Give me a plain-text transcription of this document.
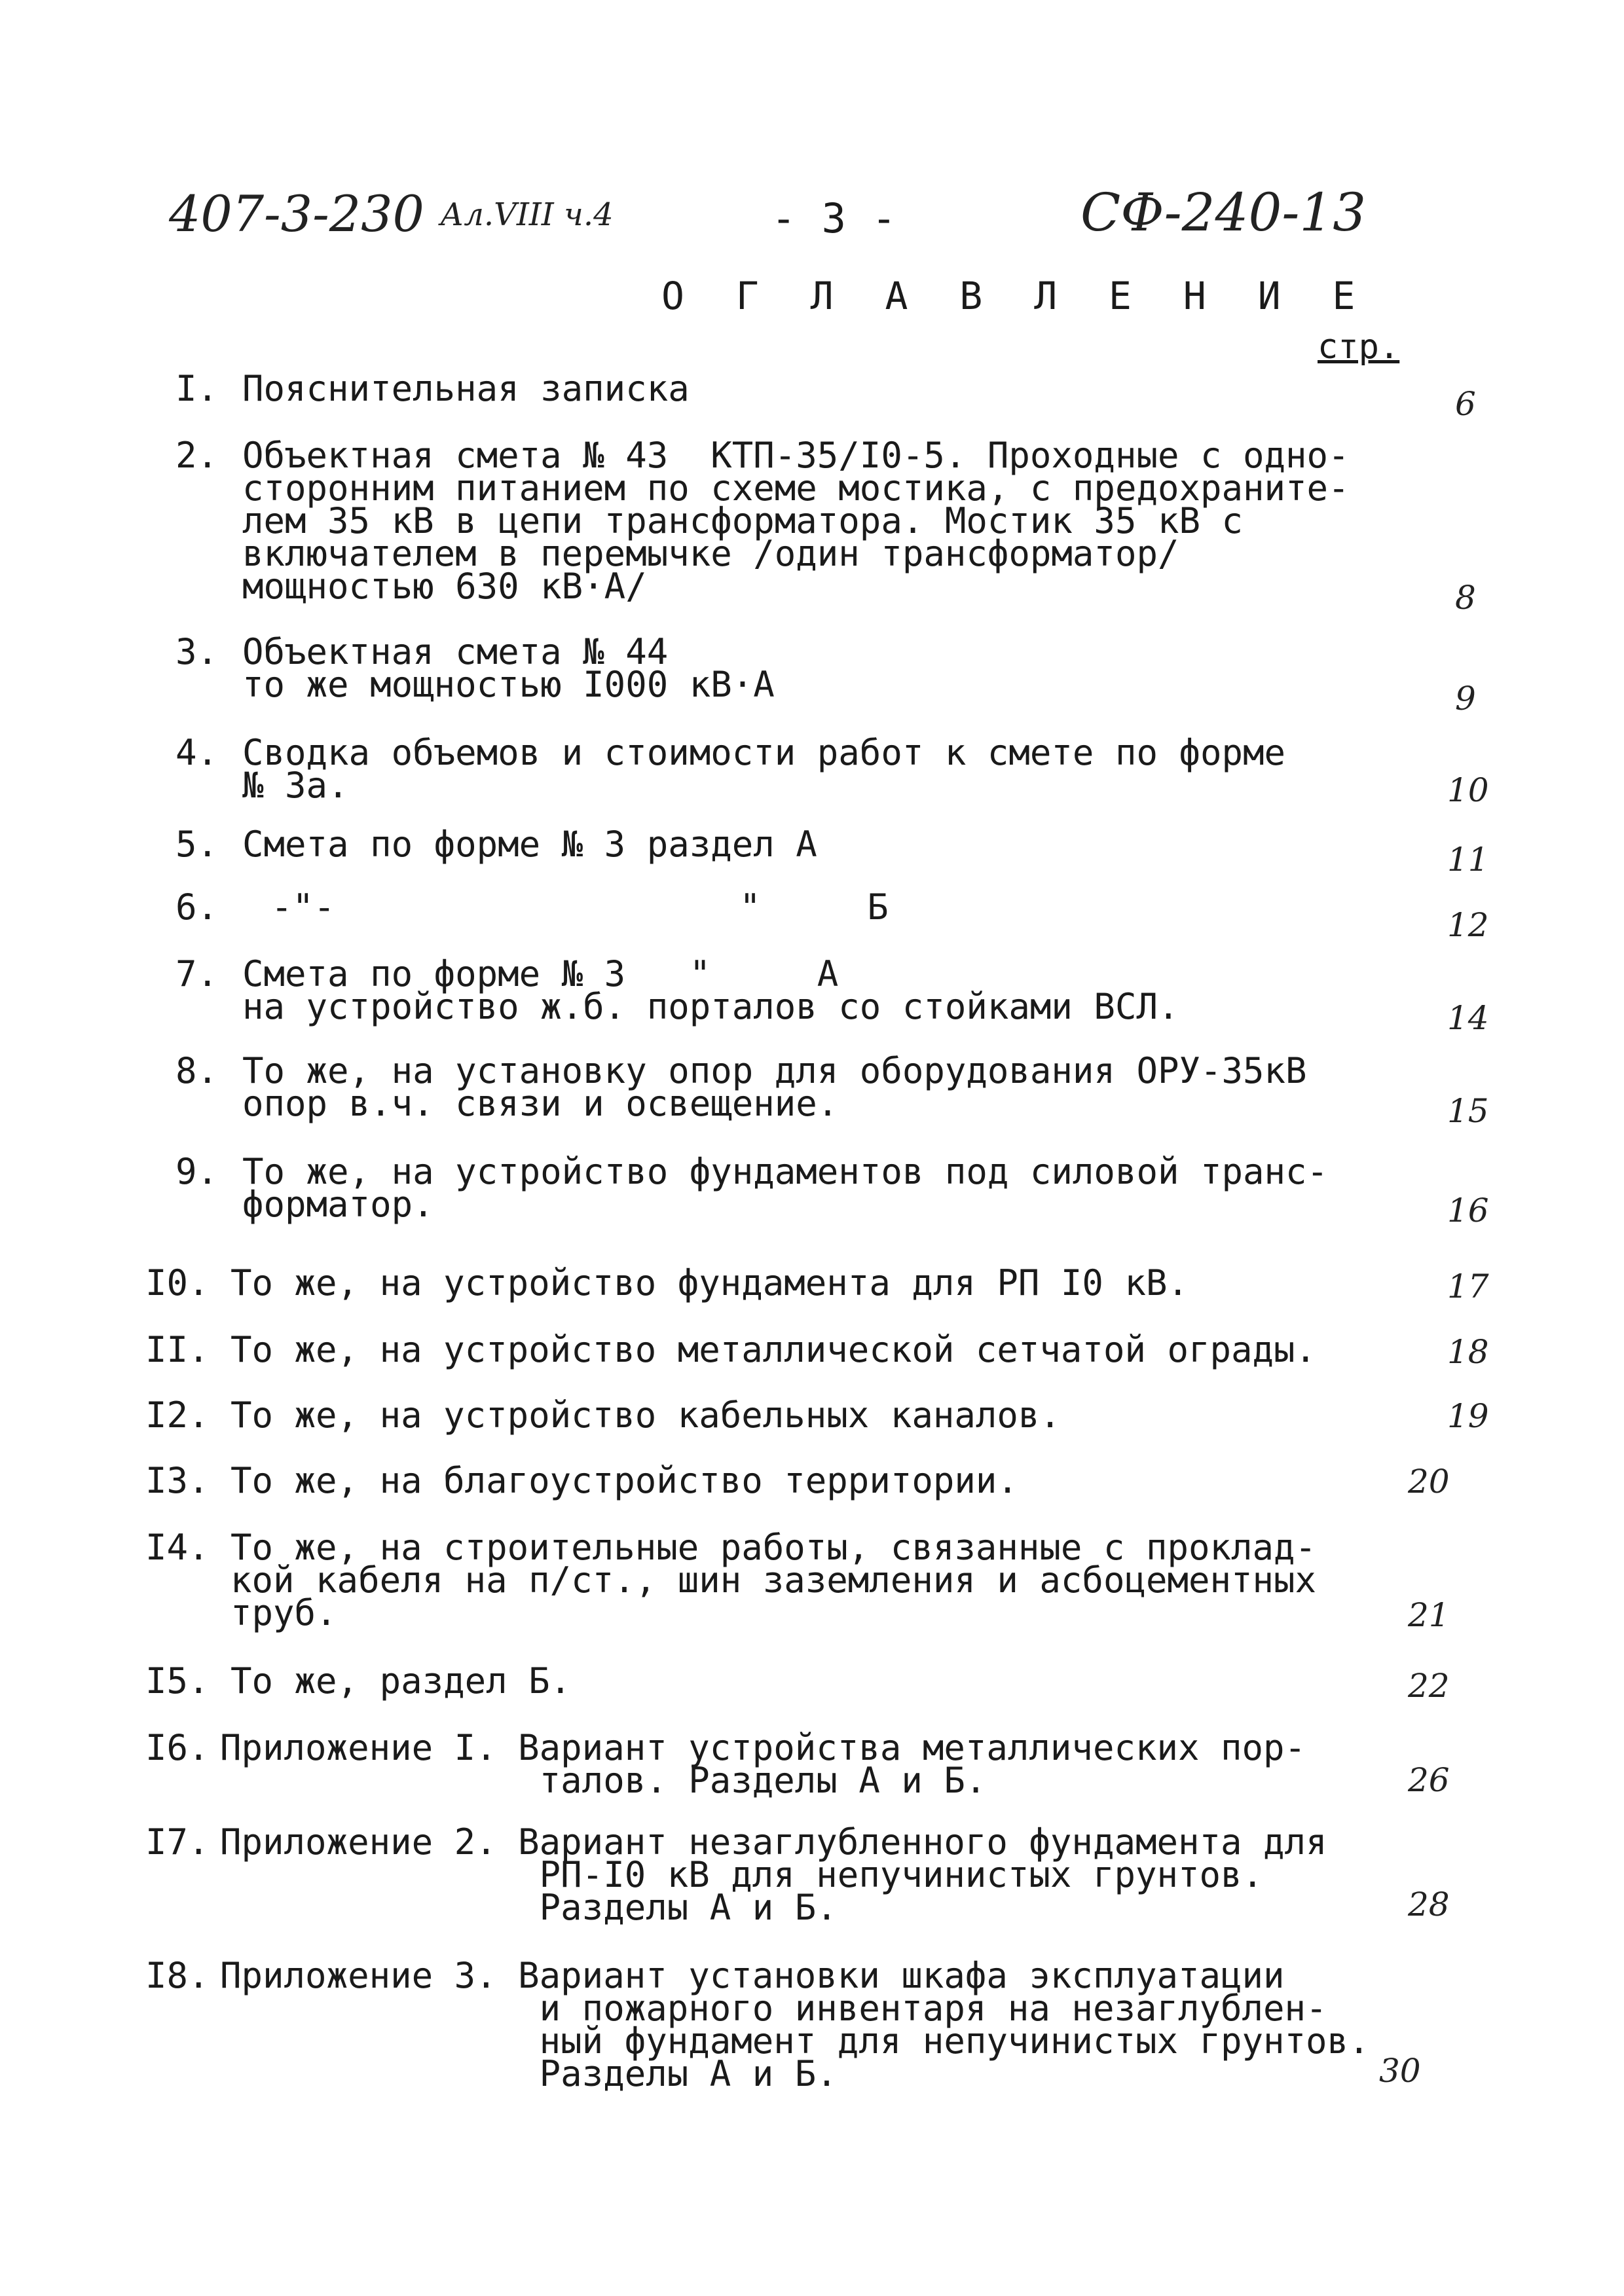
407-3-230 Ал.VIII ч.4	- 3 -	СФ-240-13
О Г Л А В Л Е Н И Е
стр.
I. Пояснительная записка	6
2. Объектная смета № 43  КТП-35/I0-5. Проходные с одно-
сторонним питанием по схеме мостика, с предохраните-
лем 35 кВ в цепи трансформатора. Мостик 35 кВ с
включателем в перемычке /один трансформатор/
мощностью 630 кВ·А/	8
3. Объектная смета № 44
то же мощностью I000 кВ·А	9
4. Сводка объемов и стоимости работ к смете по форме
№ 3а.	10
5. Смета по форме № 3 раздел А	11
6. -"-                   "     Б	12
7. Смета по форме № 3   "     А
на устройство ж.б. порталов со стойками ВСЛ.	14
8. То же, на установку опор для оборудования ОРУ-35кВ
опор в.ч. связи и освещение.	15
9. То же, на устройство фундаментов под силовой транс-
форматор.	16
I0. То же, на устройство фундамента для РП I0 кВ.	17
II. То же, на устройство металлической сетчатой ограды.	18
I2. То же, на устройство кабельных каналов.	19
I3. То же, на благоустройство территории.	20
I4. То же, на строительные работы, связанные с проклад-
кой кабеля на п/ст., шин заземления и асбоцементных
труб.	21
I5. То же, раздел Б.	22
I6. Приложение I. Вариант устройства металлических пор-
талов. Разделы А и Б.	26
I7. Приложение 2. Вариант незаглубленного фундамента для
РП-I0 кВ для непучинистых грунтов.
Разделы А и Б.	28
I8. Приложение 3. Вариант установки шкафа эксплуатации
и пожарного инвентаря на незаглублен-
ный фундамент для непучинистых грунтов.
Разделы А и Б.	30
